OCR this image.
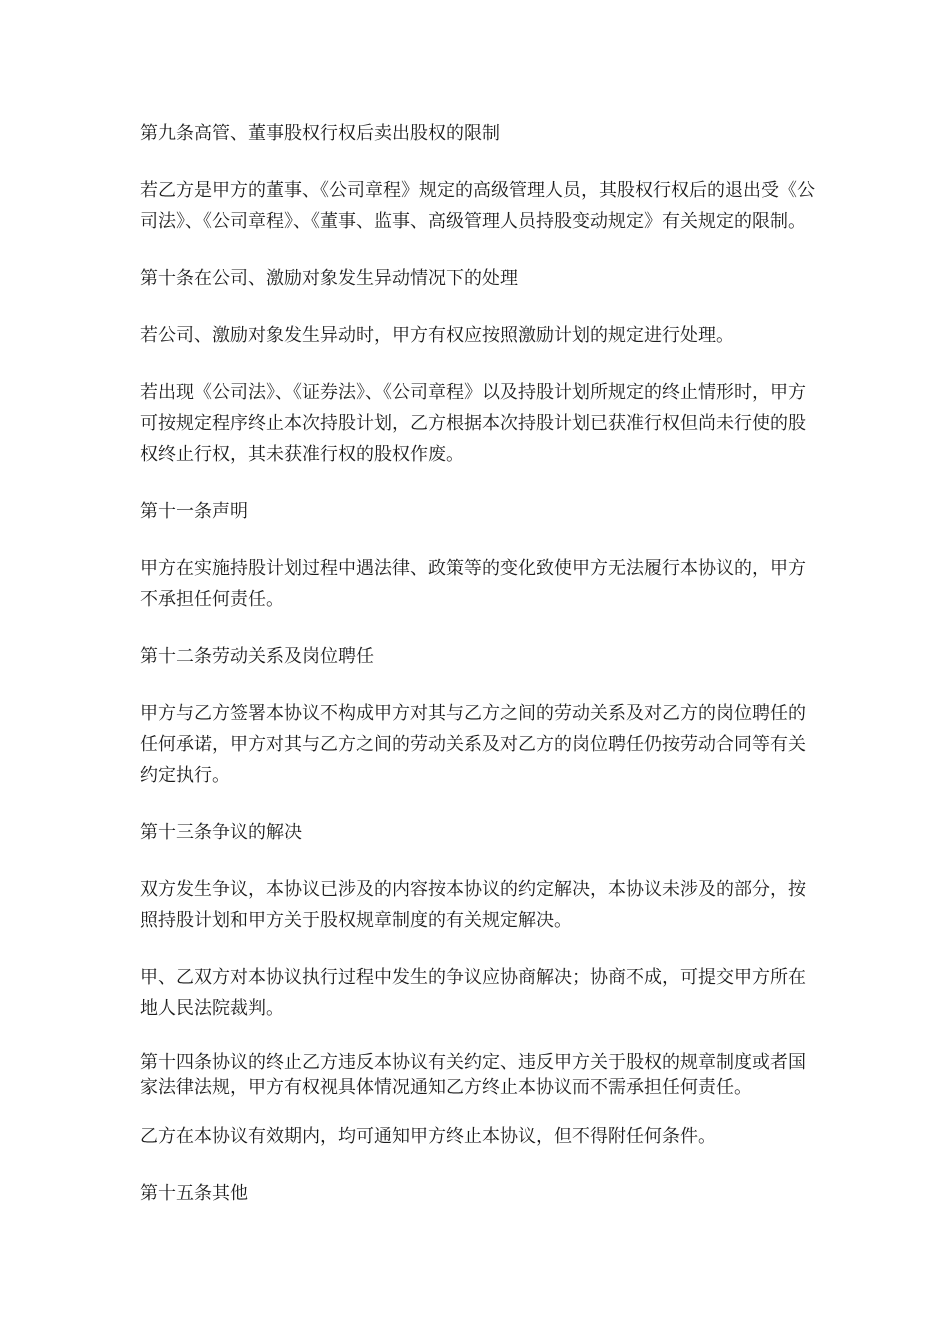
第九条高管、董事股权行权后卖出股权的限制

若乙方是甲方的董事、《公司章程》规定的高级管理人员，其股权行权后的退出受《公司法》、《公司章程》、《董事、监事、高级管理人员持股变动规定》有关规定的限制。

第十条在公司、激励对象发生异动情况下的处理

若公司、激励对象发生异动时，甲方有权应按照激励计划的规定进行处理。

若出现《公司法》、《证券法》、《公司章程》以及持股计划所规定的终止情形时，甲方可按规定程序终止本次持股计划，乙方根据本次持股计划已获准行权但尚未行使的股权终止行权，其未获准行权的股权作废。

第十一条声明

甲方在实施持股计划过程中遇法律、政策等的变化致使甲方无法履行本协议的，甲方不承担任何责任。

第十二条劳动关系及岗位聘任

甲方与乙方签署本协议不构成甲方对其与乙方之间的劳动关系及对乙方的岗位聘任的任何承诺，甲方对其与乙方之间的劳动关系及对乙方的岗位聘任仍按劳动合同等有关约定执行。

第十三条争议的解决

双方发生争议，本协议已涉及的内容按本协议的约定解决，本协议未涉及的部分，按照持股计划和甲方关于股权规章制度的有关规定解决。

甲、乙双方对本协议执行过程中发生的争议应协商解决；协商不成，可提交甲方所在地人民法院裁判。

第十四条协议的终止乙方违反本协议有关约定、违反甲方关于股权的规章制度或者国家法律法规，甲方有权视具体情况通知乙方终止本协议而不需承担任何责任。

乙方在本协议有效期内，均可通知甲方终止本协议，但不得附任何条件。

第十五条其他
